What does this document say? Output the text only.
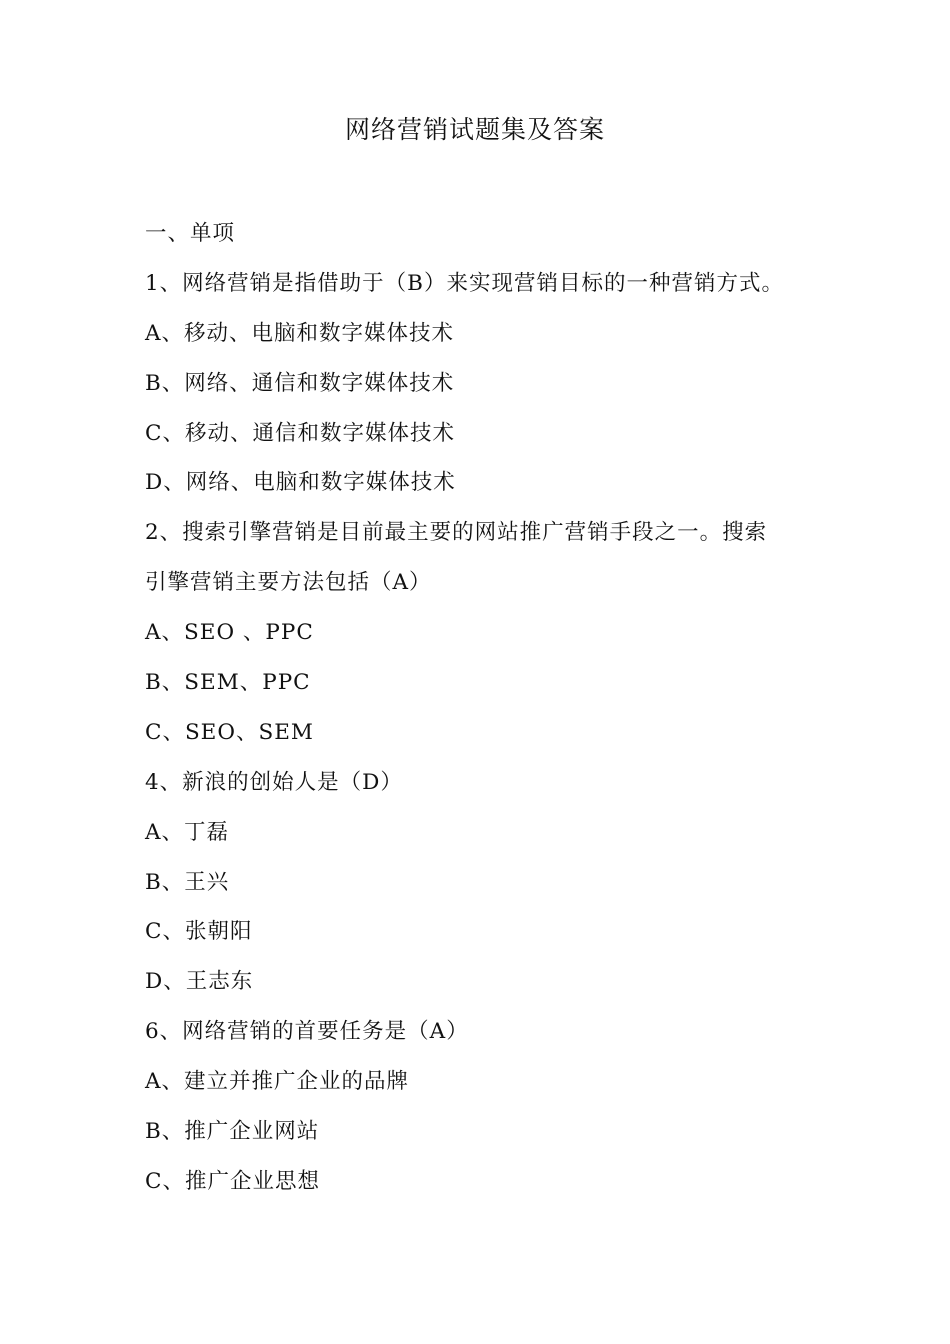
网络营销试题集及答案
一、单项
1、网络营销是指借助于（B）来实现营销目标的一种营销方式。
A、移动、电脑和数字媒体技术
B、网络、通信和数字媒体技术
C、移动、通信和数字媒体技术
D、网络、电脑和数字媒体技术
2、搜索引擎营销是目前最主要的网站推广营销手段之一。搜索
引擎营销主要方法包括（A）
A、SEO 、PPC
B、SEM、PPC
C、SEO、SEM
4、新浪的创始人是（D）
A、丁磊
B、王兴
C、张朝阳
D、王志东
6、网络营销的首要任务是（A）
A、建立并推广企业的品牌
B、推广企业网站
C、推广企业思想
